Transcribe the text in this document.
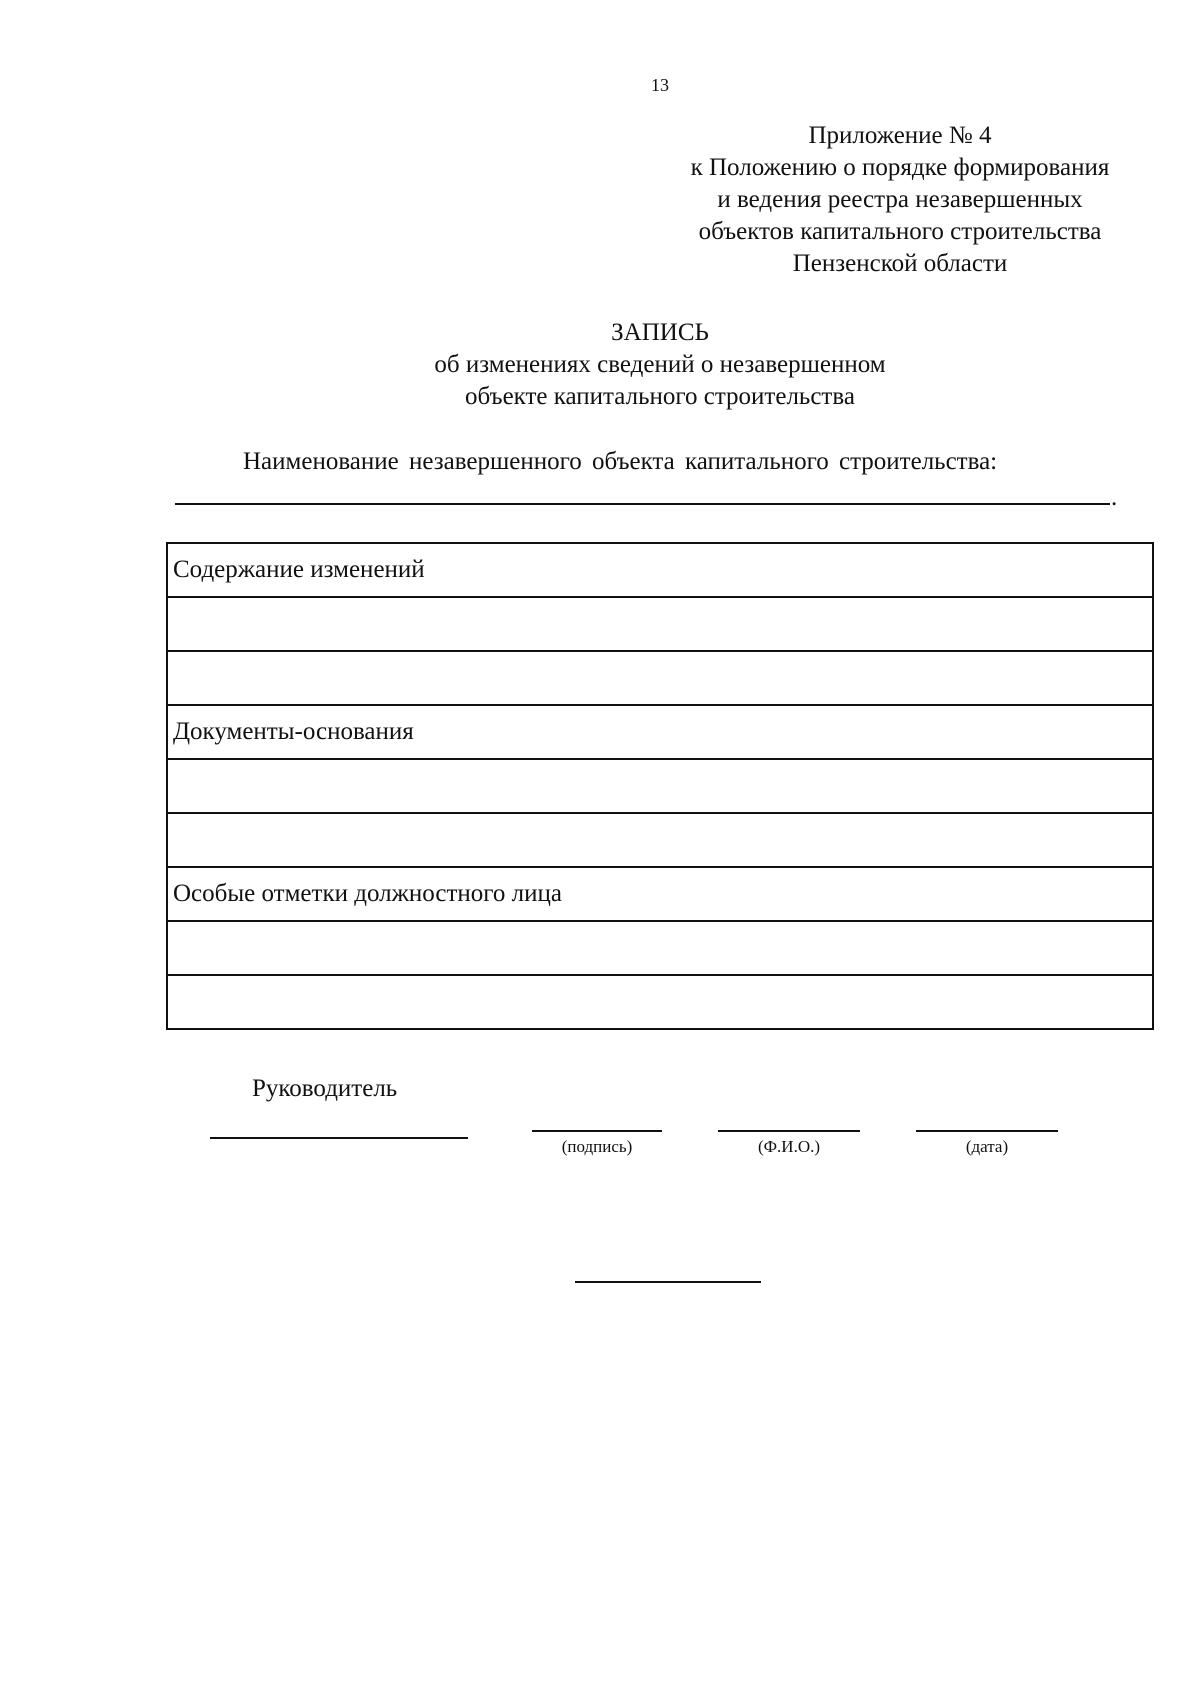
13
Приложение № 4
к Положению о порядке формирования
и ведения реестра незавершенных
объектов капитального строительства
Пензенской области
ЗАПИСЬ
об изменениях сведений о незавершенном
объекте капитального строительства
Наименование незавершенного объекта капитального строительства:
.
Содержание изменений

Документы-основания

Особые отметки должностного лица

Руководитель
(подпись)	(Ф.И.О.)	(дата)
